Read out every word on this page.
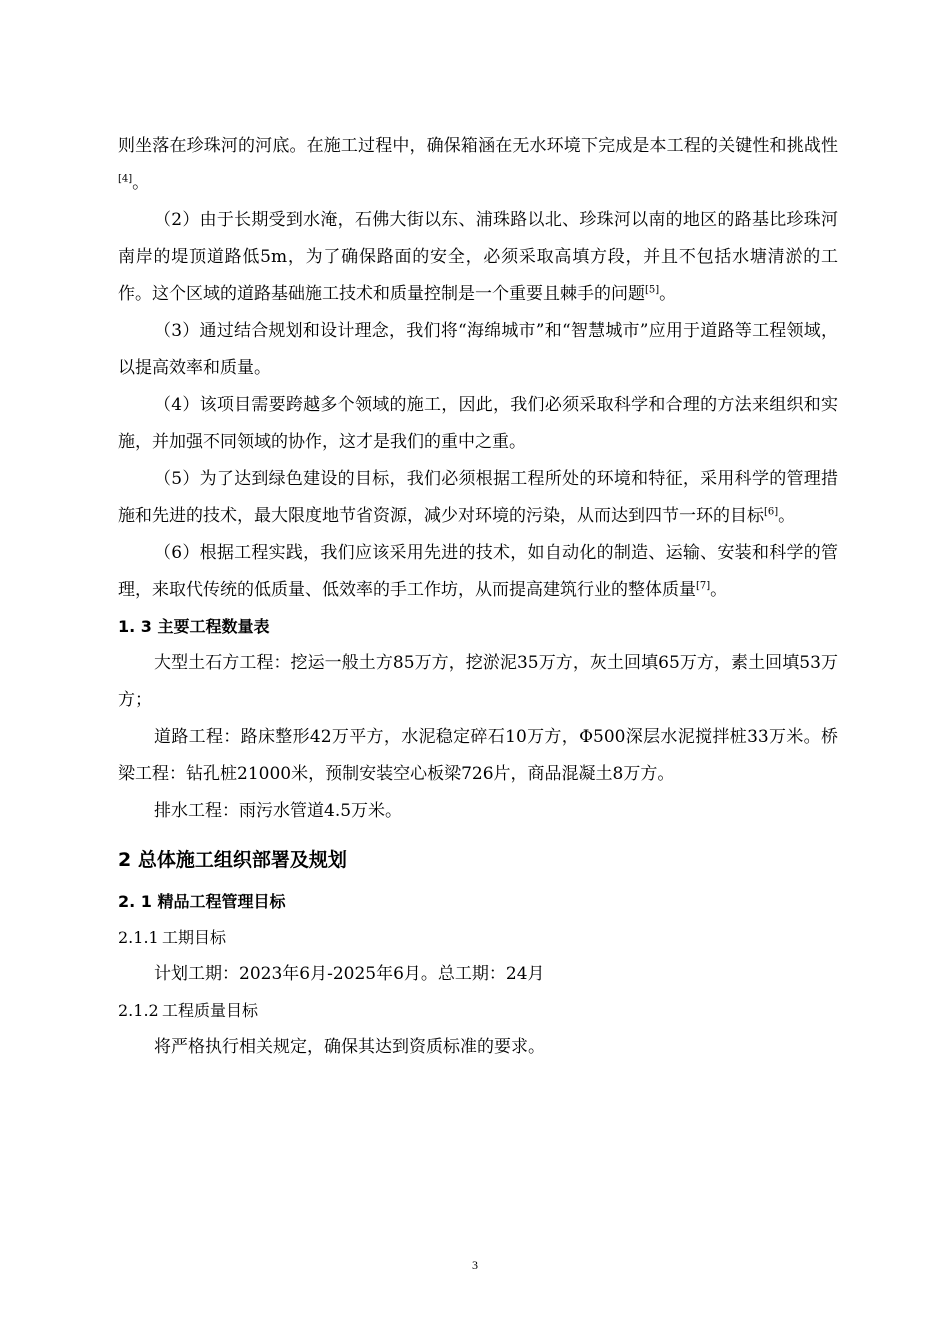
则坐落在珍珠河的河底。在施工过程中，确保箱涵在无水环境下完成是本工程的关键性和挑战性[4]。

（2）由于长期受到水淹，石佛大街以东、浦珠路以北、珍珠河以南的地区的路基比珍珠河南岸的堤顶道路低5m，为了确保路面的安全，必须采取高填方段，并且不包括水塘清淤的工作。这个区域的道路基础施工技术和质量控制是一个重要且棘手的问题[5]。

（3）通过结合规划和设计理念，我们将“海绵城市”和“智慧城市”应用于道路等工程领域，以提高效率和质量。

（4）该项目需要跨越多个领域的施工，因此，我们必须采取科学和合理的方法来组织和实施，并加强不同领域的协作，这才是我们的重中之重。

（5）为了达到绿色建设的目标，我们必须根据工程所处的环境和特征，采用科学的管理措施和先进的技术，最大限度地节省资源，减少对环境的污染，从而达到四节一环的目标[6]。

（6）根据工程实践，我们应该采用先进的技术，如自动化的制造、运输、安装和科学的管理，来取代传统的低质量、低效率的手工作坊，从而提高建筑行业的整体质量[7]。

1. 3 主要工程数量表

大型土石方工程：挖运一般土方85万方，挖淤泥35万方，灰土回填65万方，素土回填53万方；

道路工程：路床整形42万平方，水泥稳定碎石10万方，Φ500深层水泥搅拌桩33万米。桥梁工程：钻孔桩21000米，预制安装空心板梁726片，商品混凝土8万方。

排水工程：雨污水管道4.5万米。

2 总体施工组织部署及规划
2. 1 精品工程管理目标
2.1.1 工期目标

计划工期：2023年6月-2025年6月。总工期：24月

2.1.2 工程质量目标

将严格执行相关规定，确保其达到资质标准的要求。

3
